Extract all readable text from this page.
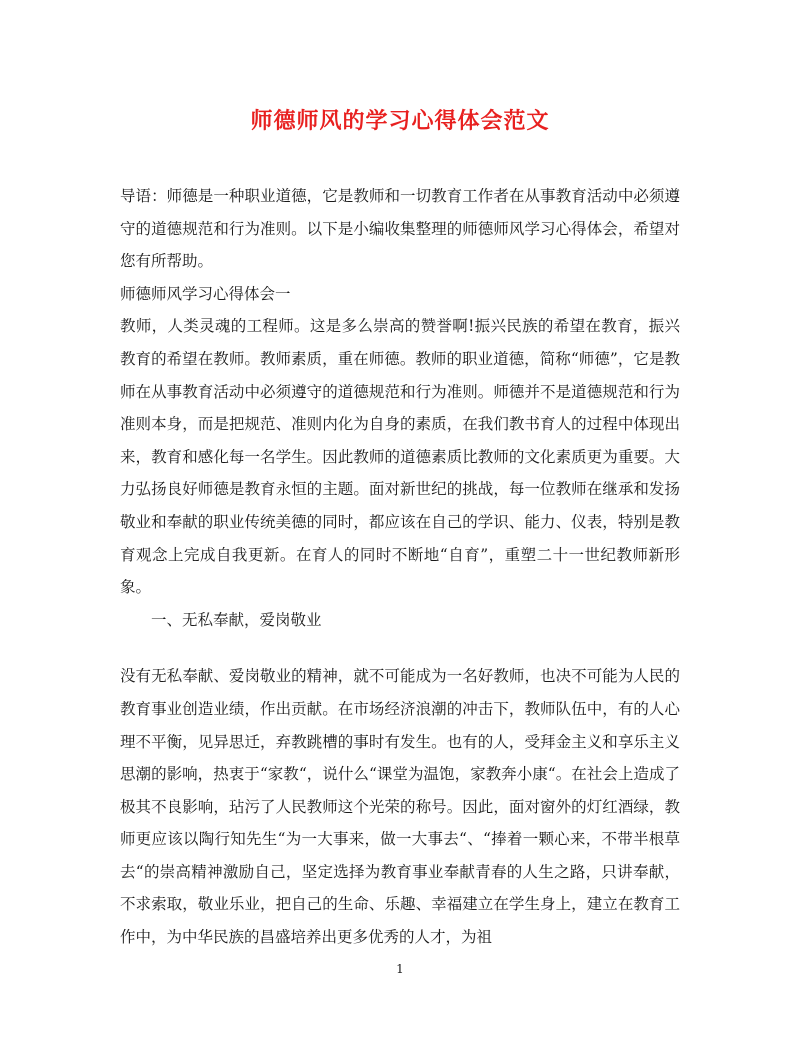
师德师风的学习心得体会范文

导语：师德是一种职业道德，它是教师和一切教育工作者在从事教育活动中必须遵守的道德规范和行为准则。以下是小编收集整理的师德师风学习心得体会，希望对您有所帮助。

师德师风学习心得体会一

教师，人类灵魂的工程师。这是多么崇高的赞誉啊!振兴民族的希望在教育，振兴教育的希望在教师。教师素质，重在师德。教师的职业道德，简称“师德”，它是教师在从事教育活动中必须遵守的道德规范和行为准则。师德并不是道德规范和行为准则本身，而是把规范、准则内化为自身的素质，在我们教书育人的过程中体现出来，教育和感化每一名学生。因此教师的道德素质比教师的文化素质更为重要。大力弘扬良好师德是教育永恒的主题。面对新世纪的挑战，每一位教师在继承和发扬敬业和奉献的职业传统美德的同时，都应该在自己的学识、能力、仪表，特别是教育观念上完成自我更新。在育人的同时不断地“自育”，重塑二十一世纪教师新形象。

一、无私奉献，爱岗敬业

没有无私奉献、爱岗敬业的精神，就不可能成为一名好教师，也决不可能为人民的教育事业创造业绩，作出贡献。在市场经济浪潮的冲击下，教师队伍中，有的人心理不平衡，见异思迁，弃教跳槽的事时有发生。也有的人，受拜金主义和享乐主义思潮的影响，热衷于“家教“，说什么“课堂为温饱，家教奔小康“。在社会上造成了极其不良影响，玷污了人民教师这个光荣的称号。因此，面对窗外的灯红酒绿，教师更应该以陶行知先生“为一大事来，做一大事去“、“捧着一颗心来，不带半根草去“的崇高精神激励自己，坚定选择为教育事业奉献青春的人生之路，只讲奉献，不求索取，敬业乐业，把自己的生命、乐趣、幸福建立在学生身上，建立在教育工作中，为中华民族的昌盛培养出更多优秀的人才，为祖

1
